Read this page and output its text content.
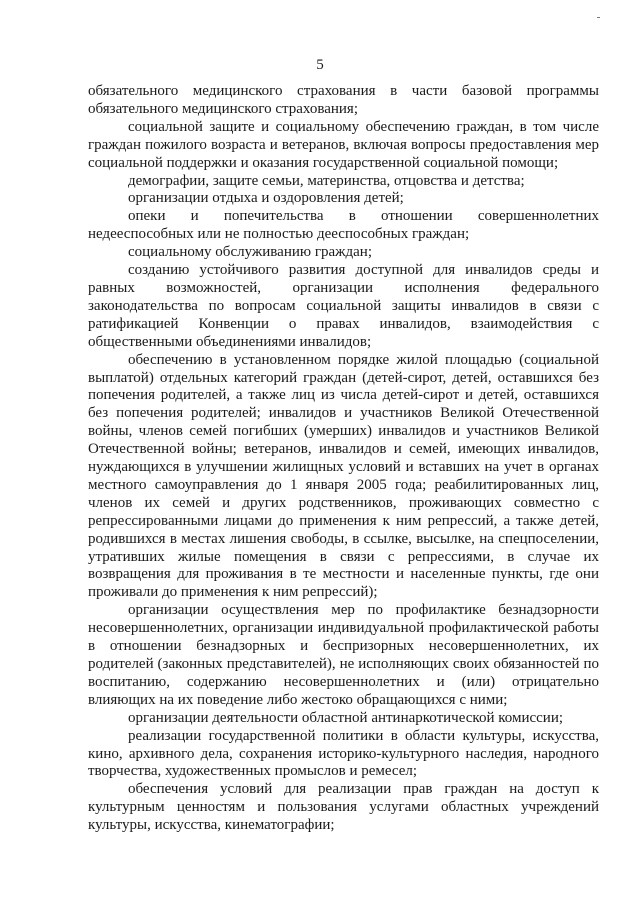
5

обязательного медицинского страхования в части базовой программы обязательного медицинского страхования;

социальной защите и социальному обеспечению граждан, в том числе граждан пожилого возраста и ветеранов, включая вопросы предоставления мер социальной поддержки и оказания государственной социальной помощи;

демографии, защите семьи, материнства, отцовства и детства;

организации отдыха и оздоровления детей;

опеки и попечительства в отношении совершеннолетних недееспособных или не полностью дееспособных граждан;

социальному обслуживанию граждан;

созданию устойчивого развития доступной для инвалидов среды и равных возможностей, организации исполнения федерального законодательства по вопросам социальной защиты инвалидов в связи с ратификацией Конвенции о правах инвалидов, взаимодействия с общественными объединениями инвалидов;

обеспечению в установленном порядке жилой площадью (социальной выплатой) отдельных категорий граждан (детей-сирот, детей, оставшихся без попечения родителей, а также лиц из числа детей-сирот и детей, оставшихся без попечения родителей; инвалидов и участников Великой Отечественной войны, членов семей погибших (умерших) инвалидов и участников Великой Отечественной войны; ветеранов, инвалидов и семей, имеющих инвалидов, нуждающихся в улучшении жилищных условий и вставших на учет в органах местного самоуправления до 1 января 2005 года; реабилитированных лиц, членов их семей и других родственников, проживающих совместно с репрессированными лицами до применения к ним репрессий, а также детей, родившихся в местах лишения свободы, в ссылке, высылке, на спецпоселении, утративших жилые помещения в связи с репрессиями, в случае их возвращения для проживания в те местности и населенные пункты, где они проживали до применения к ним репрессий);

организации осуществления мер по профилактике безнадзорности несовершеннолетних, организации индивидуальной профилактической работы в отношении безнадзорных и беспризорных несовершеннолетних, их родителей (законных представителей), не исполняющих своих обязанностей по воспитанию, содержанию несовершеннолетних и (или) отрицательно влияющих на их поведение либо жестоко обращающихся с ними;

организации деятельности областной антинаркотической комиссии;

реализации государственной политики в области культуры, искусства, кино, архивного дела, сохранения историко-культурного наследия, народного творчества, художественных промыслов и ремесел;

обеспечения условий для реализации прав граждан на доступ к культурным ценностям и пользования услугами областных учреждений культуры, искусства, кинематографии;
